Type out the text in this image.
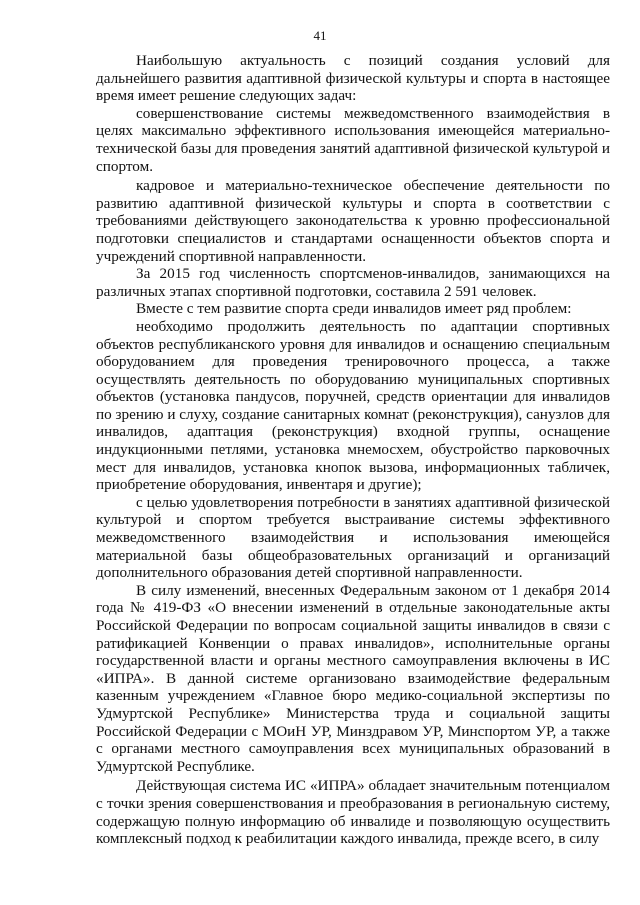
41

Наибольшую актуальность с позиций создания условий для дальнейшего развития адаптивной физической культуры и спорта в настоящее время имеет решение следующих задач:

совершенствование системы межведомственного взаимодействия в целях максимально эффективного использования имеющейся материально-технической базы для проведения занятий адаптивной физической культурой и спортом.

кадровое и материально-техническое обеспечение деятельности по развитию адаптивной физической культуры и спорта в соответствии с требованиями действующего законодательства к уровню профессиональной подготовки специалистов и стандартами оснащенности объектов спорта и учреждений спортивной направленности.

За 2015 год численность спортсменов-инвалидов, занимающихся на различных этапах спортивной подготовки, составила 2 591 человек.

Вместе с тем развитие спорта среди инвалидов имеет ряд проблем:

необходимо продолжить деятельность по адаптации спортивных объектов республиканского уровня для инвалидов и оснащению специальным оборудованием для проведения тренировочного процесса, а также осуществлять деятельность по оборудованию муниципальных спортивных объектов (установка пандусов, поручней, средств ориентации для инвалидов по зрению и слуху, создание санитарных комнат (реконструкция), санузлов для инвалидов, адаптация (реконструкция) входной группы, оснащение индукционными петлями, установка мнемосхем, обустройство парковочных мест для инвалидов, установка кнопок вызова, информационных табличек, приобретение оборудования, инвентаря и другие);

с целью удовлетворения потребности в занятиях адаптивной физической культурой и спортом требуется выстраивание системы эффективного межведомственного взаимодействия и использования имеющейся материальной базы общеобразовательных организаций и организаций дополнительного образования детей спортивной направленности.

В силу изменений, внесенных Федеральным законом от 1 декабря 2014 года № 419-ФЗ «О внесении изменений в отдельные законодательные акты Российской Федерации по вопросам социальной защиты инвалидов в связи с ратификацией Конвенции о правах инвалидов», исполнительные органы государственной власти и органы местного самоуправления включены в ИС «ИПРА». В данной системе организовано взаимодействие федеральным казенным учреждением «Главное бюро медико-социальной экспертизы по Удмуртской Республике» Министерства труда и социальной защиты Российской Федерации с МОиН УР, Минздравом УР, Минспортом УР, а также с органами местного самоуправления всех муниципальных образований в Удмуртской Республике.

Действующая система ИС «ИПРА» обладает значительным потенциалом с точки зрения совершенствования и преобразования в региональную систему, содержащую полную информацию об инвалиде и позволяющую осуществить комплексный подход к реабилитации каждого инвалида, прежде всего, в силу
